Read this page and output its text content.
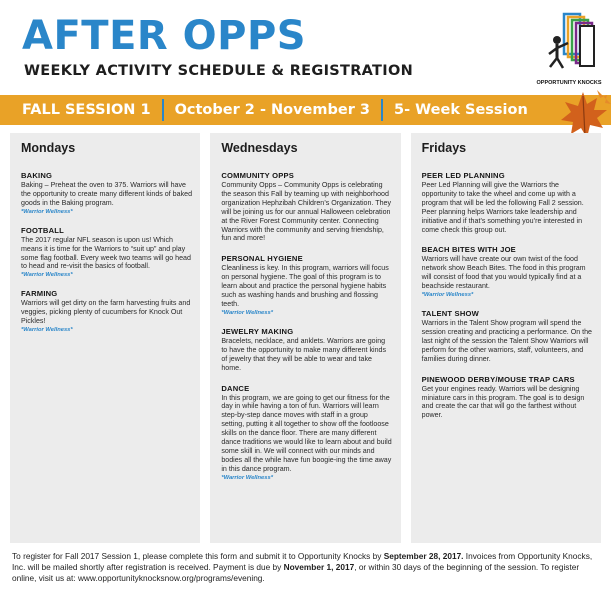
AFTER OPPS
WEEKLY ACTIVITY SCHEDULE & REGISTRATION
OPPORTUNITY KNOCKS
FALL SESSION 1 October 2 - November 3 5- Week Session
Mondays
BAKING
Baking – Preheat the oven to 375. Warriors will have the opportunity to create many different kinds of baked goods in the Baking program.
*Warrior Wellness*
FOOTBALL
The 2017 regular NFL season is upon us! Which means it is time for the Warriors to “suit up” and play some flag football. Every week two teams will go head to head and re-visit the basics of football.
*Warrior Wellness*
FARMING
Warriors will get dirty on the farm harvesting fruits and veggies, picking plenty of cucumbers for Knock Out Pickles!
*Warrior Wellness*
Wednesdays
COMMUNITY OPPS
Community Opps – Community Opps is celebrating the season this Fall by teaming up with neighborhood organization Hephzibah Children’s Organization. They will be joining us for our annual Halloween celebration at the River Forest Community center. Connecting Warriors with the community and serving friendship, fun and more!
PERSONAL HYGIENE
Cleanliness is key. In this program, warriors will focus on personal hygiene. The goal of this program is to learn about and practice the personal hygiene habits such as washing hands and brushing and flossing teeth.
*Warrior Wellness*
JEWELRY MAKING
Bracelets, necklace, and anklets. Warriors are going to have the opportunity to make many different kinds of jewelry that they will be able to wear and take home.
DANCE
In this program, we are going to get our fitness for the day in while having a ton of fun. Warriors will learn step-by-step dance moves with staff in a group setting, putting it all together to show off the footloose skills on the dance floor. There are many different dance traditions we would like to learn about and build some skill in. We will connect with our minds and bodies all the while have fun boogie-ing the time away in this dance program.
*Warrior Wellness*
Fridays
PEER LED PLANNING
Peer Led Planning will give the Warriors the opportunity to take the wheel and come up with a program that will be led the following Fall 2 session. Peer planning helps Warriors take leadership and initiative and if that’s something you’re interested in come check this group out.
BEACH BITES WITH JOE
Warriors will have create our own twist of the food network show Beach Bites. The food in this program will consist of food that you would typically find at a beachside restaurant.
*Warrior Wellness*
TALENT SHOW
Warriors in the Talent Show program will spend the session creating and practicing a performance. On the last night of the session the Talent Show Warriors will perform for the other warriors, staff, volunteers, and families during dinner.
PINEWOOD DERBY/MOUSE TRAP CARS
Get your engines ready. Warriors will be designing miniature cars in this program. The goal is to design and create the car that will go the farthest without power.
To register for Fall 2017 Session 1, please complete this form and submit it to Opportunity Knocks by September 28, 2017. Invoices from Opportunity Knocks, Inc. will be mailed shortly after registration is received. Payment is due by November 1, 2017, or within 30 days of the beginning of the session. To register online, visit us at: www.opportunityknocksnow.org/programs/evening.
